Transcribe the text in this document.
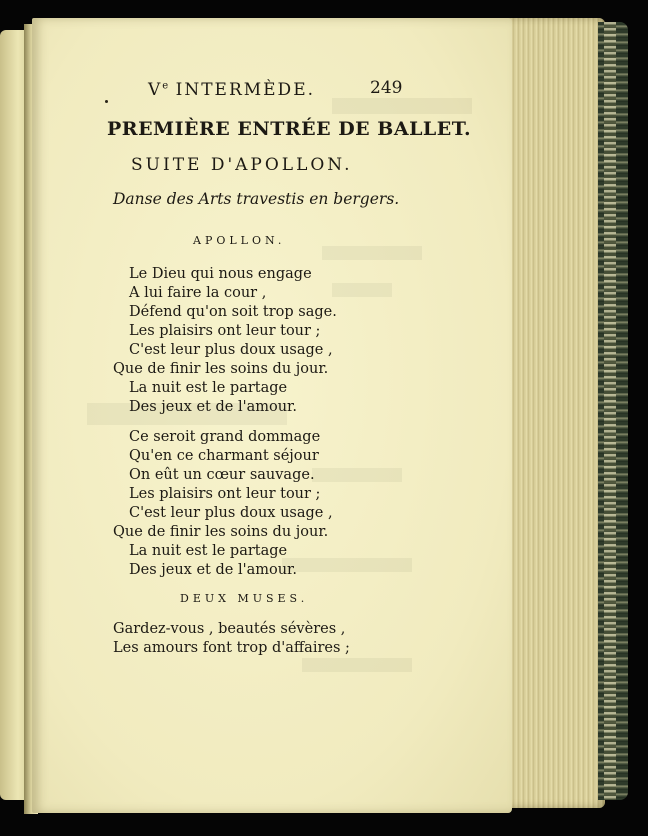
Ve INTERMÈDE.	249
PREMIÈRE ENTRÉE DE BALLET.
SUITE D'APOLLON.
Danse des Arts travestis en bergers.
APOLLON.
Le Dieu qui nous engage
A lui faire la cour ,
Défend qu'on soit trop sage.
Les plaisirs ont leur tour ;
C'est leur plus doux usage ,
Que de finir les soins du jour.
La nuit est le partage
Des jeux et de l'amour.
Ce seroit grand dommage
Qu'en ce charmant séjour
On eût un cœur sauvage.
Les plaisirs ont leur tour ;
C'est leur plus doux usage ,
Que de finir les soins du jour.
La nuit est le partage
Des jeux et de l'amour.
DEUX MUSES.
Gardez-vous , beautés sévères ,
Les amours font trop d'affaires ;
